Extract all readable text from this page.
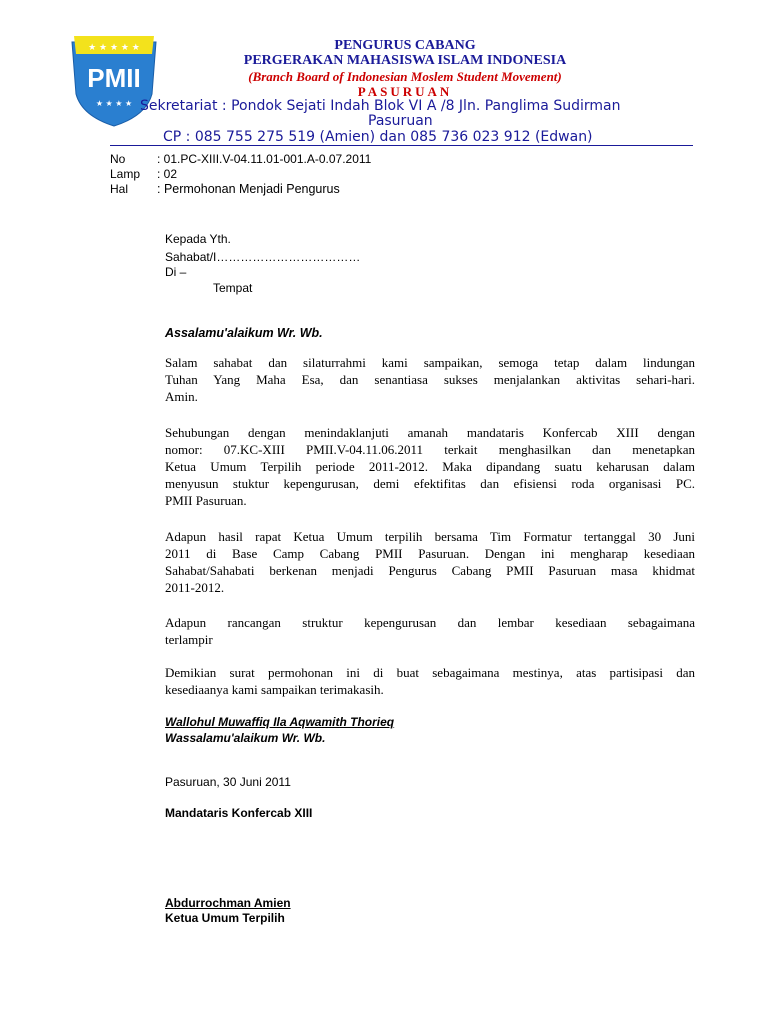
★ ★ ★ ★ ★
PMII
★ ★ ★ ★
PENGURUS CABANG
PERGERAKAN MAHASISWA ISLAM INDONESIA
(Branch Board of Indonesian Moslem Student Movement)
PASURUAN
Sekretariat : Pondok Sejati Indah Blok VI A /8 Jln. Panglima Sudirman
Pasuruan
CP : 085 755 275 519 (Amien) dan 085 736 023 912 (Edwan)
No	: 01.PC-XIII.V-04.11.01-001.A-0.07.2011
Lamp : 02
Hal : Permohonan Menjadi Pengurus
Kepada Yth.
Sahabat/I………………………………
Di –
Tempat
Assalamu'alaikum Wr. Wb.
Salam sahabat dan silaturrahmi kami sampaikan, semoga tetap dalam lindungan
Tuhan Yang Maha Esa, dan senantiasa sukses menjalankan aktivitas sehari-hari.
Amin.
Sehubungan dengan menindaklanjuti amanah mandataris Konfercab XIII dengan
nomor: 07.KC-XIII PMII.V-04.11.06.2011 terkait menghasilkan dan menetapkan
Ketua Umum Terpilih periode 2011-2012. Maka dipandang suatu keharusan dalam
menyusun stuktur kepengurusan, demi efektifitas dan efisiensi roda organisasi PC.
PMII Pasuruan.
Adapun hasil rapat Ketua Umum terpilih bersama Tim Formatur tertanggal 30 Juni
2011 di Base Camp Cabang PMII Pasuruan. Dengan ini mengharap kesediaan
Sahabat/Sahabati berkenan menjadi Pengurus Cabang PMII Pasuruan masa khidmat
2011-2012.
Adapun rancangan struktur kepengurusan dan lembar kesediaan sebagaimana
terlampir
Demikian surat permohonan ini di buat sebagaimana mestinya, atas partisipasi dan
kesediaanya kami sampaikan terimakasih.
Wallohul Muwaffiq Ila Aqwamith Thorieq
Wassalamu'alaikum Wr. Wb.
Pasuruan, 30 Juni 2011
Mandataris Konfercab XIII
Abdurrochman Amien
Ketua Umum Terpilih
